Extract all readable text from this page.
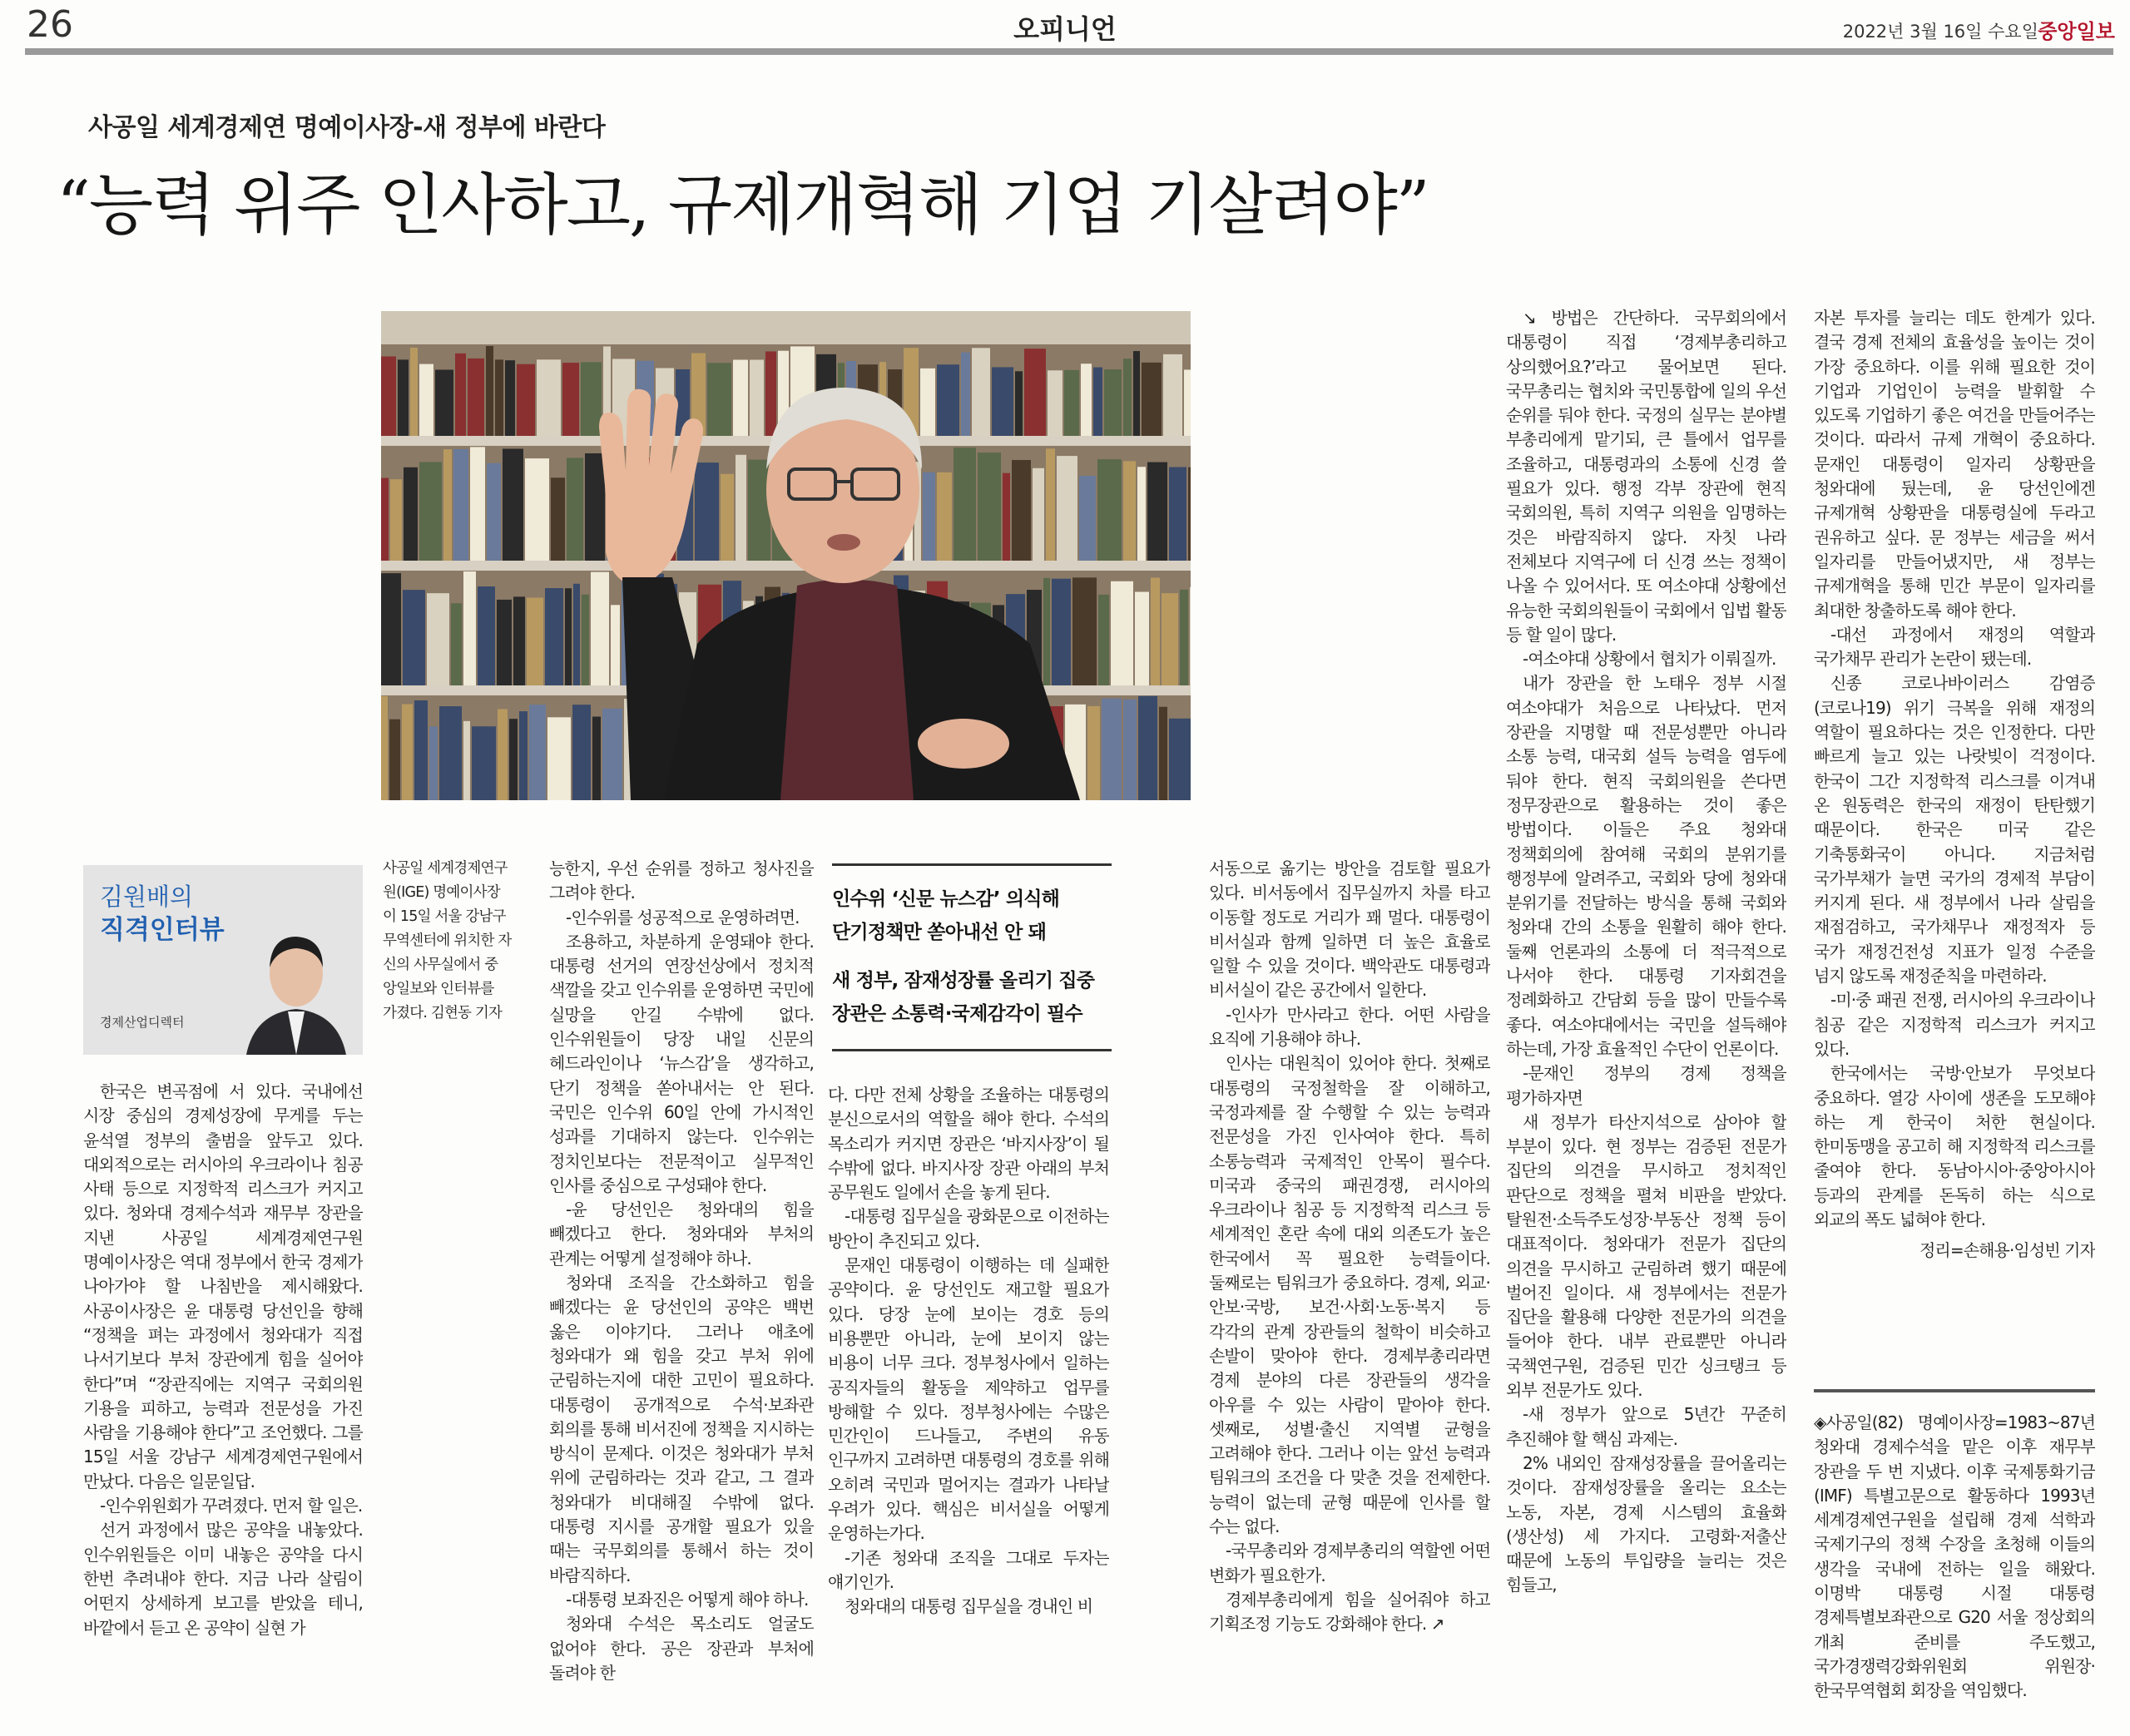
26	오피니언	2022년 3월 16일 수요일 중앙일보
사공일 세계경제연 명예이사장-새 정부에 바란다
“능력 위주 인사하고, 규제개혁해 기업 기살려야”
김원배의
직격인터뷰
경제산업디렉터
사공일 세계경제연구
원(IGE) 명예이사장
이 15일 서울 강남구
무역센터에 위치한 자
신의 사무실에서 중
앙일보와 인터뷰를
가졌다. 김현동 기자

인수위 ‘신문 뉴스감’ 의식해

단기정책만 쏟아내선 안 돼

새 정부, 잠재성장률 올리기 집중

장관은 소통력·국제감각이 필수

한국은 변곡점에 서 있다. 국내에선 시장 중심의 경제성장에 무게를 두는 윤석열 정부의 출범을 앞두고 있다. 대외적으로는 러시아의 우크라이나 침공 사태 등으로 지정학적 리스크가 커지고 있다. 청와대 경제수석과 재무부 장관을 지낸 사공일 세계경제연구원 명예이사장은 역대 정부에서 한국 경제가 나아가야 할 나침반을 제시해왔다. 사공이사장은 윤 대통령 당선인을 향해 “정책을 펴는 과정에서 청와대가 직접 나서기보다 부처 장관에게 힘을 실어야 한다”며 “장관직에는 지역구 국회의원 기용을 피하고, 능력과 전문성을 가진 사람을 기용해야 한다”고 조언했다. 그를 15일 서울 강남구 세계경제연구원에서 만났다. 다음은 일문일답.

-인수위원회가 꾸려졌다. 먼저 할 일은.

선거 과정에서 많은 공약을 내놓았다. 인수위원들은 이미 내놓은 공약을 다시 한번 추려내야 한다. 지금 나라 살림이 어떤지 상세하게 보고를 받았을 테니, 바깥에서 듣고 온 공약이 실현 가

능한지, 우선 순위를 정하고 청사진을 그려야 한다.

-인수위를 성공적으로 운영하려면.

조용하고, 차분하게 운영돼야 한다. 대통령 선거의 연장선상에서 정치적 색깔을 갖고 인수위를 운영하면 국민에 실망을 안길 수밖에 없다. 인수위원들이 당장 내일 신문의 헤드라인이나 ‘뉴스감’을 생각하고, 단기 정책을 쏟아내서는 안 된다. 국민은 인수위 60일 안에 가시적인 성과를 기대하지 않는다. 인수위는 정치인보다는 전문적이고 실무적인 인사를 중심으로 구성돼야 한다.

-윤 당선인은 청와대의 힘을 빼겠다고 한다. 청와대와 부처의 관계는 어떻게 설정해야 하나.

청와대 조직을 간소화하고 힘을 빼겠다는 윤 당선인의 공약은 백번 옳은 이야기다. 그러나 애초에 청와대가 왜 힘을 갖고 부처 위에 군림하는지에 대한 고민이 필요하다. 대통령이 공개적으로 수석·보좌관 회의를 통해 비서진에 정책을 지시하는 방식이 문제다. 이것은 청와대가 부처 위에 군림하라는 것과 같고, 그 결과 청와대가 비대해질 수밖에 없다. 대통령 지시를 공개할 필요가 있을 때는 국무회의를 통해서 하는 것이 바람직하다.

-대통령 보좌진은 어떻게 해야 하나.

청와대 수석은 목소리도 얼굴도 없어야 한다. 공은 장관과 부처에 돌려야 한

다. 다만 전체 상황을 조율하는 대통령의 분신으로서의 역할을 해야 한다. 수석의 목소리가 커지면 장관은 ‘바지사장’이 될 수밖에 없다. 바지사장 장관 아래의 부처 공무원도 일에서 손을 놓게 된다.

-대통령 집무실을 광화문으로 이전하는 방안이 추진되고 있다.

문재인 대통령이 이행하는 데 실패한 공약이다. 윤 당선인도 재고할 필요가 있다. 당장 눈에 보이는 경호 등의 비용뿐만 아니라, 눈에 보이지 않는 비용이 너무 크다. 정부청사에서 일하는 공직자들의 활동을 제약하고 업무를 방해할 수 있다. 정부청사에는 수많은 민간인이 드나들고, 주변의 유동 인구까지 고려하면 대통령의 경호를 위해 오히려 국민과 멀어지는 결과가 나타날 우려가 있다. 핵심은 비서실을 어떻게 운영하는가다.

-기존 청와대 조직을 그대로 두자는 얘기인가.

청와대의 대통령 집무실을 경내인 비

서동으로 옮기는 방안을 검토할 필요가 있다. 비서동에서 집무실까지 차를 타고 이동할 정도로 거리가 꽤 멀다. 대통령이 비서실과 함께 일하면 더 높은 효율로 일할 수 있을 것이다. 백악관도 대통령과 비서실이 같은 공간에서 일한다.

-인사가 만사라고 한다. 어떤 사람을 요직에 기용해야 하나.

인사는 대원칙이 있어야 한다. 첫째로 대통령의 국정철학을 잘 이해하고, 국정과제를 잘 수행할 수 있는 능력과 전문성을 가진 인사여야 한다. 특히 소통능력과 국제적인 안목이 필수다. 미국과 중국의 패권경쟁, 러시아의 우크라이나 침공 등 지정학적 리스크 등 세계적인 혼란 속에 대외 의존도가 높은 한국에서 꼭 필요한 능력들이다. 둘째로는 팀워크가 중요하다. 경제, 외교·안보·국방, 보건·사회·노동·복지 등 각각의 관계 장관들의 철학이 비슷하고 손발이 맞아야 한다. 경제부총리라면 경제 분야의 다른 장관들의 생각을 아우를 수 있는 사람이 맡아야 한다. 셋째로, 성별·출신 지역별 균형을 고려해야 한다. 그러나 이는 앞선 능력과 팀워크의 조건을 다 맞춘 것을 전제한다. 능력이 없는데 균형 때문에 인사를 할 수는 없다.

-국무총리와 경제부총리의 역할엔 어떤 변화가 필요한가.

경제부총리에게 힘을 실어줘야 하고 기획조정 기능도 강화해야 한다. ↗

↘ 방법은 간단하다. 국무회의에서 대통령이 직접 ‘경제부총리하고 상의했어요?’라고 물어보면 된다. 국무총리는 협치와 국민통합에 일의 우선 순위를 둬야 한다. 국정의 실무는 분야별 부총리에게 맡기되, 큰 틀에서 업무를 조율하고, 대통령과의 소통에 신경 쓸 필요가 있다. 행정 각부 장관에 현직 국회의원, 특히 지역구 의원을 임명하는 것은 바람직하지 않다. 자칫 나라 전체보다 지역구에 더 신경 쓰는 정책이 나올 수 있어서다. 또 여소야대 상황에선 유능한 국회의원들이 국회에서 입법 활동 등 할 일이 많다.

-여소야대 상황에서 협치가 이뤄질까.

내가 장관을 한 노태우 정부 시절 여소야대가 처음으로 나타났다. 먼저 장관을 지명할 때 전문성뿐만 아니라 소통 능력, 대국회 설득 능력을 염두에 둬야 한다. 현직 국회의원을 쓴다면 정무장관으로 활용하는 것이 좋은 방법이다. 이들은 주요 청와대 정책회의에 참여해 국회의 분위기를 행정부에 알려주고, 국회와 당에 청와대 분위기를 전달하는 방식을 통해 국회와 청와대 간의 소통을 원활히 해야 한다. 둘째 언론과의 소통에 더 적극적으로 나서야 한다. 대통령 기자회견을 정례화하고 간담회 등을 많이 만들수록 좋다. 여소야대에서는 국민을 설득해야 하는데, 가장 효율적인 수단이 언론이다.

-문재인 정부의 경제 정책을 평가하자면

새 정부가 타산지석으로 삼아야 할 부분이 있다. 현 정부는 검증된 전문가 집단의 의견을 무시하고 정치적인 판단으로 정책을 펼쳐 비판을 받았다. 탈원전·소득주도성장·부동산 정책 등이 대표적이다. 청와대가 전문가 집단의 의견을 무시하고 군림하려 했기 때문에 벌어진 일이다. 새 정부에서는 전문가 집단을 활용해 다양한 전문가의 의견을 들어야 한다. 내부 관료뿐만 아니라 국책연구원, 검증된 민간 싱크탱크 등 외부 전문가도 있다.

-새 정부가 앞으로 5년간 꾸준히 추진해야 할 핵심 과제는.

2% 내외인 잠재성장률을 끌어올리는 것이다. 잠재성장률을 올리는 요소는 노동, 자본, 경제 시스템의 효율화(생산성) 세 가지다. 고령화·저출산 때문에 노동의 투입량을 늘리는 것은 힘들고,

자본 투자를 늘리는 데도 한계가 있다. 결국 경제 전체의 효율성을 높이는 것이 가장 중요하다. 이를 위해 필요한 것이 기업과 기업인이 능력을 발휘할 수 있도록 기업하기 좋은 여건을 만들어주는 것이다. 따라서 규제 개혁이 중요하다. 문재인 대통령이 일자리 상황판을 청와대에 뒀는데, 윤 당선인에겐 규제개혁 상황판을 대통령실에 두라고 권유하고 싶다. 문 정부는 세금을 써서 일자리를 만들어냈지만, 새 정부는 규제개혁을 통해 민간 부문이 일자리를 최대한 창출하도록 해야 한다.

-대선 과정에서 재정의 역할과 국가채무 관리가 논란이 됐는데.

신종 코로나바이러스 감염증(코로나19) 위기 극복을 위해 재정의 역할이 필요하다는 것은 인정한다. 다만 빠르게 늘고 있는 나랏빚이 걱정이다. 한국이 그간 지정학적 리스크를 이겨내 온 원동력은 한국의 재정이 탄탄했기 때문이다. 한국은 미국 같은 기축통화국이 아니다. 지금처럼 국가부채가 늘면 국가의 경제적 부담이 커지게 된다. 새 정부에서 나라 살림을 재점검하고, 국가채무나 재정적자 등 국가 재정건전성 지표가 일정 수준을 넘지 않도록 재정준칙을 마련하라.

-미·중 패권 전쟁, 러시아의 우크라이나 침공 같은 지정학적 리스크가 커지고 있다.

한국에서는 국방·안보가 무엇보다 중요하다. 열강 사이에 생존을 도모해야 하는 게 한국이 처한 현실이다. 한미동맹을 공고히 해 지정학적 리스크를 줄여야 한다. 동남아시아·중앙아시아 등과의 관계를 돈독히 하는 식으로 외교의 폭도 넓혀야 한다.

정리=손해용·임성빈 기자

◈사공일(82) 명예이사장=1983~87년 청와대 경제수석을 맡은 이후 재무부 장관을 두 번 지냈다. 이후 국제통화기금(IMF) 특별고문으로 활동하다 1993년 세계경제연구원을 설립해 경제 석학과 국제기구의 정책 수장을 초청해 이들의 생각을 국내에 전하는 일을 해왔다. 이명박 대통령 시절 대통령 경제특별보좌관으로 G20 서울 정상회의 개최 준비를 주도했고, 국가경쟁력강화위원회 위원장·한국무역협회 회장을 역임했다.
